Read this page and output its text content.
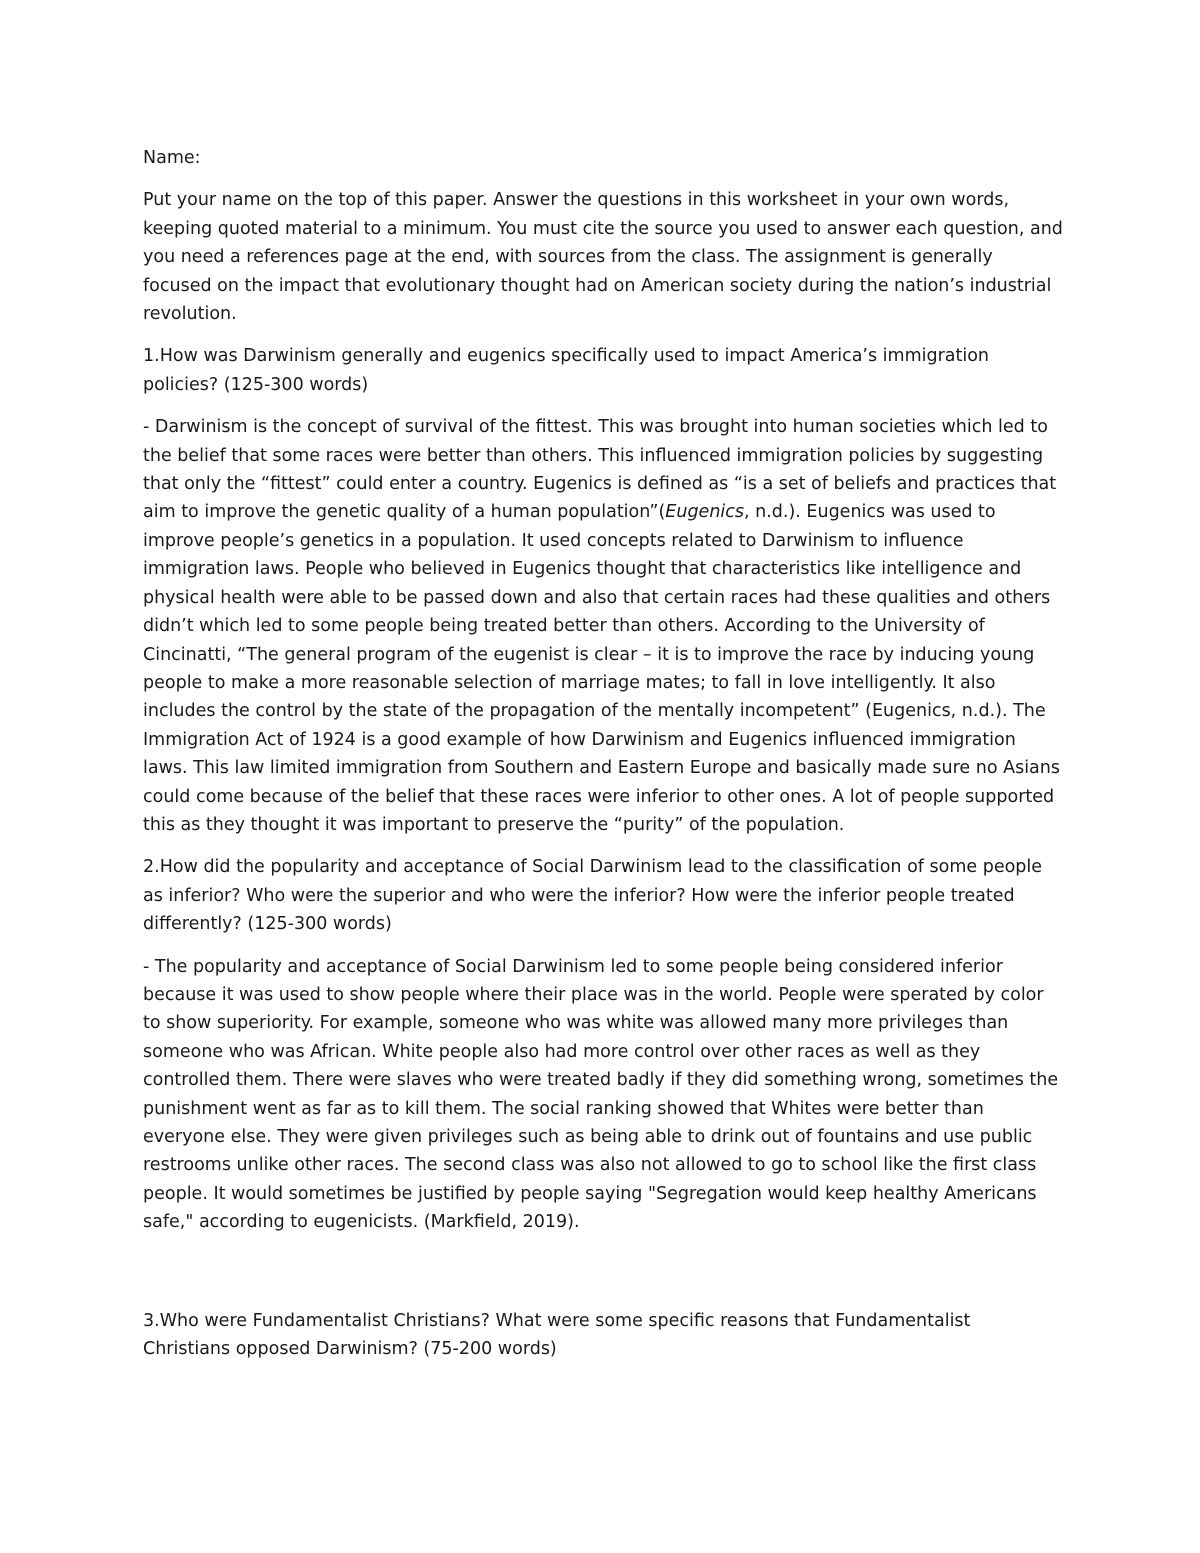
Name:

Put your name on the top of this paper. Answer the questions in this worksheet in your own words, keeping quoted material to a minimum. You must cite the source you used to answer each question, and you need a references page at the end, with sources from the class. The assignment is generally focused on the impact that evolutionary thought had on American society during the nation’s industrial revolution.

1.How was Darwinism generally and eugenics specifically used to impact America’s immigration policies? (125-300 words)

- Darwinism is the concept of survival of the fittest. This was brought into human societies which led to the belief that some races were better than others. This influenced immigration policies by suggesting that only the “fittest” could enter a country. Eugenics is defined as “is a set of beliefs and practices that aim to improve the genetic quality of a human population”(Eugenics, n.d.). Eugenics was used to improve people’s genetics in a population. It used concepts related to Darwinism to influence immigration laws. People who believed in Eugenics thought that characteristics like intelligence and physical health were able to be passed down and also that certain races had these qualities and others didn’t which led to some people being treated better than others. According to the University of Cincinatti, “The general program of the eugenist is clear – it is to improve the race by inducing young people to make a more reasonable selection of marriage mates; to fall in love intelligently. It also includes the control by the state of the propagation of the mentally incompetent” (Eugenics, n.d.). The Immigration Act of 1924 is a good example of how Darwinism and Eugenics influenced immigration laws. This law limited immigration from Southern and Eastern Europe and basically made sure no Asians could come because of the belief that these races were inferior to other ones. A lot of people supported this as they thought it was important to preserve the “purity” of the population.

2.How did the popularity and acceptance of Social Darwinism lead to the classification of some people as inferior? Who were the superior and who were the inferior? How were the inferior people treated differently? (125-300 words)

- The popularity and acceptance of Social Darwinism led to some people being considered inferior because it was used to show people where their place was in the world. People were sperated by color to show superiority. For example, someone who was white was allowed many more privileges than someone who was African. White people also had more control over other races as well as they controlled them. There were slaves who were treated badly if they did something wrong, sometimes the punishment went as far as to kill them. The social ranking showed that Whites were better than everyone else. They were given privileges such as being able to drink out of fountains and use public restrooms unlike other races. The second class was also not allowed to go to school like the first class people. It would sometimes be justified by people saying "Segregation would keep healthy Americans safe," according to eugenicists. (Markfield, 2019).

3.Who were Fundamentalist Christians? What were some specific reasons that Fundamentalist Christians opposed Darwinism? (75-200 words)
